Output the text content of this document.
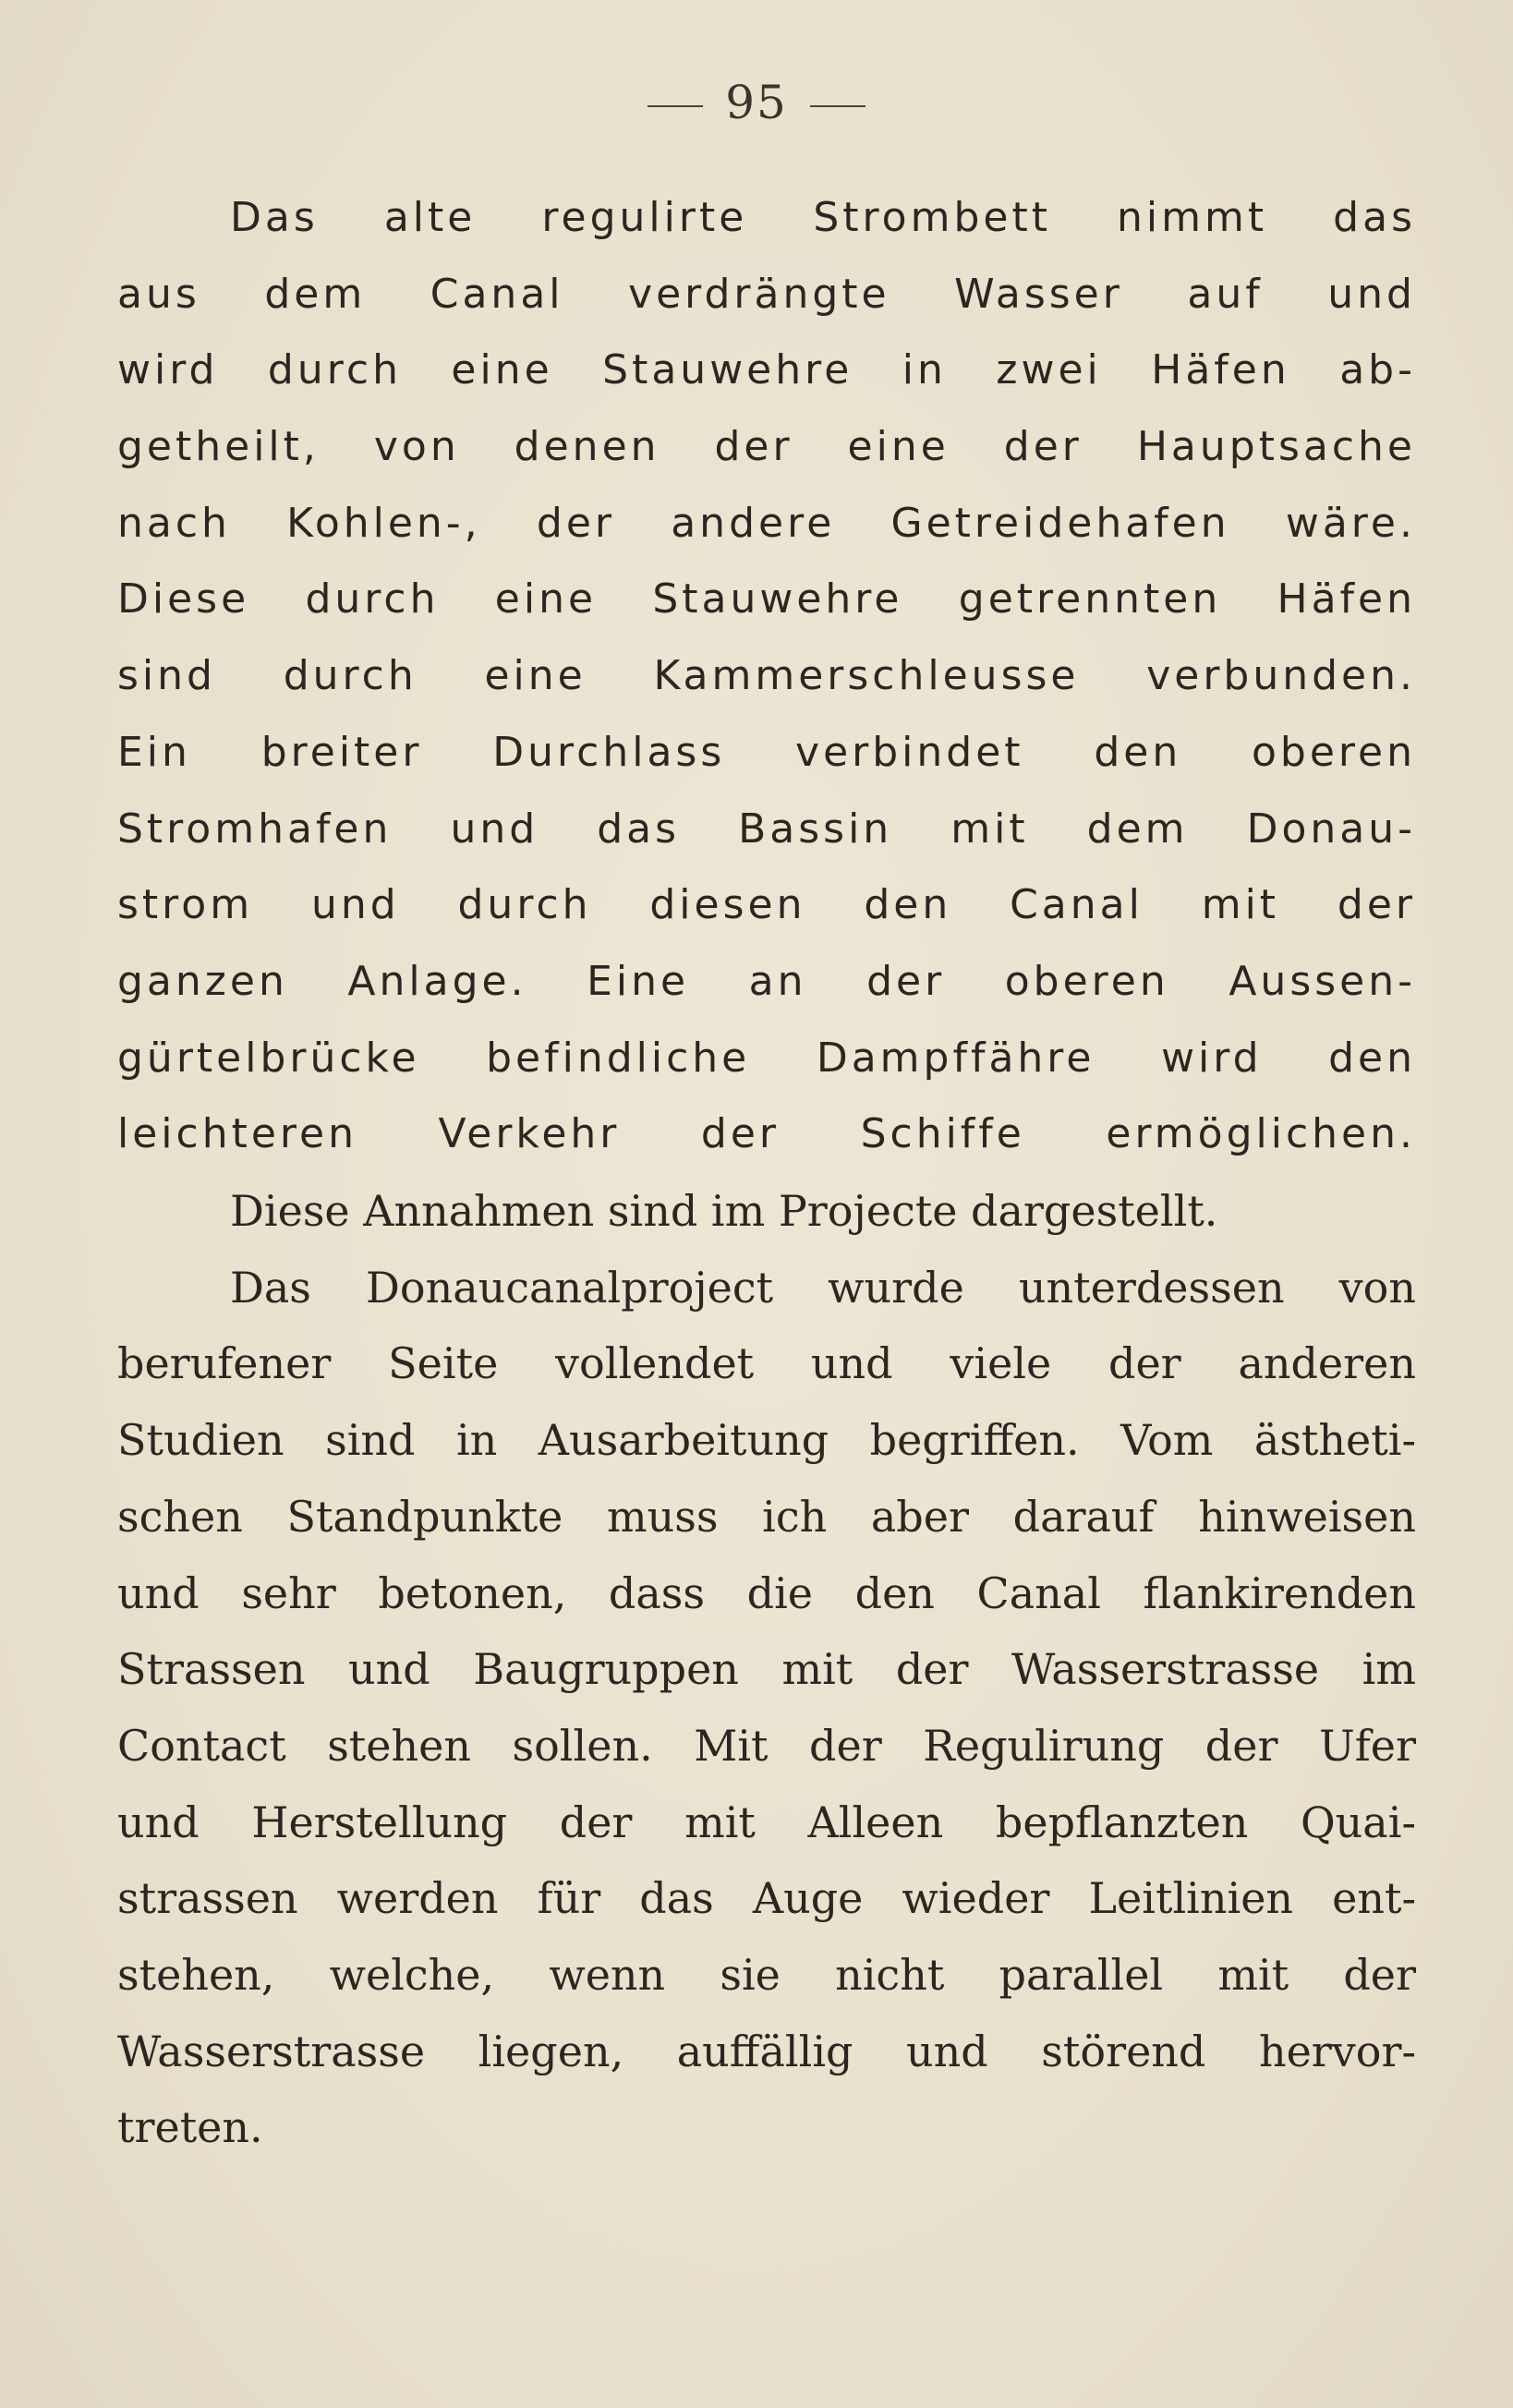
95
Das alte regulirte Strombett nimmt das
aus dem Canal verdrängte Wasser auf und
wird durch eine Stauwehre in zwei Häfen ab-
getheilt, von denen der eine der Hauptsache
nach Kohlen-, der andere Getreidehafen wäre.
Diese durch eine Stauwehre getrennten Häfen
sind durch eine Kammerschleusse verbunden.
Ein breiter Durchlass verbindet den oberen
Stromhafen und das Bassin mit dem Donau-
strom und durch diesen den Canal mit der
ganzen Anlage. Eine an der oberen Aussen-
gürtelbrücke befindliche Dampffähre wird den
leichteren Verkehr der Schiffe ermöglichen.
Diese Annahmen sind im Projecte dargestellt.
Das Donaucanalproject wurde unterdessen von
berufener Seite vollendet und viele der anderen
Studien sind in Ausarbeitung begriffen. Vom ästheti-
schen Standpunkte muss ich aber darauf hinweisen
und sehr betonen, dass die den Canal flankirenden
Strassen und Baugruppen mit der Wasserstrasse im
Contact stehen sollen. Mit der Regulirung der Ufer
und Herstellung der mit Alleen bepflanzten Quai-
strassen werden für das Auge wieder Leitlinien ent-
stehen, welche, wenn sie nicht parallel mit der
Wasserstrasse liegen, auffällig und störend hervor-
treten.
